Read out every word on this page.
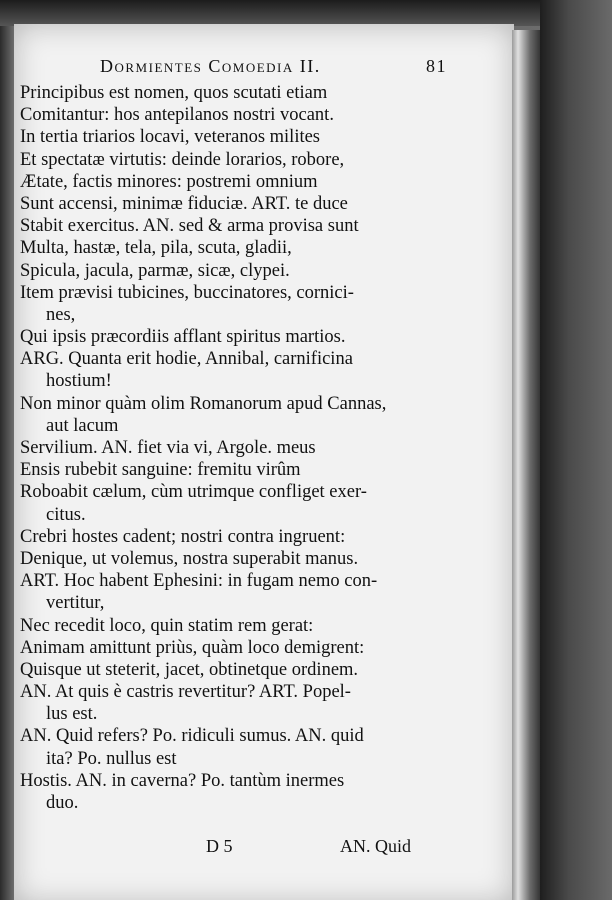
Dormientes Comoedia II.	81
Principibus est nomen, quos scutati etiam
Comitantur: hos antepilanos nostri vocant.
In tertia triarios locavi, veteranos milites
Et spectatæ virtutis: deinde lorarios, robore,
Ætate, factis minores: postremi omnium
Sunt accensi, minimæ fiduciæ. ART. te duce
Stabit exercitus. AN. sed & arma provisa sunt
Multa, hastæ, tela, pila, scuta, gladii,
Spicula, jacula, parmæ, sicæ, clypei.
Item prævisi tubicines, buccinatores, cornici-
nes,
Qui ipsis præcordiis afflant spiritus martios.
ARG. Quanta erit hodie, Annibal, carnificina
hostium!
Non minor quàm olim Romanorum apud Cannas,
aut lacum
Servilium. AN. fiet via vi, Argole. meus
Ensis rubebit sanguine: fremitu virûm
Roboabit cælum, cùm utrimque confliget exer-
citus.
Crebri hostes cadent; nostri contra ingruent:
Denique, ut volemus, nostra superabit manus.
ART. Hoc habent Ephesini: in fugam nemo con-
vertitur,
Nec recedit loco, quin statim rem gerat:
Animam amittunt priùs, quàm loco demigrent:
Quisque ut steterit, jacet, obtinetque ordinem.
AN. At quis è castris revertitur? ART. Popel-
lus est.
AN. Quid refers? Po. ridiculi sumus. AN. quid
ita? Po. nullus est
Hostis. AN. in caverna? Po. tantùm inermes
duo.
D 5	AN. Quid
